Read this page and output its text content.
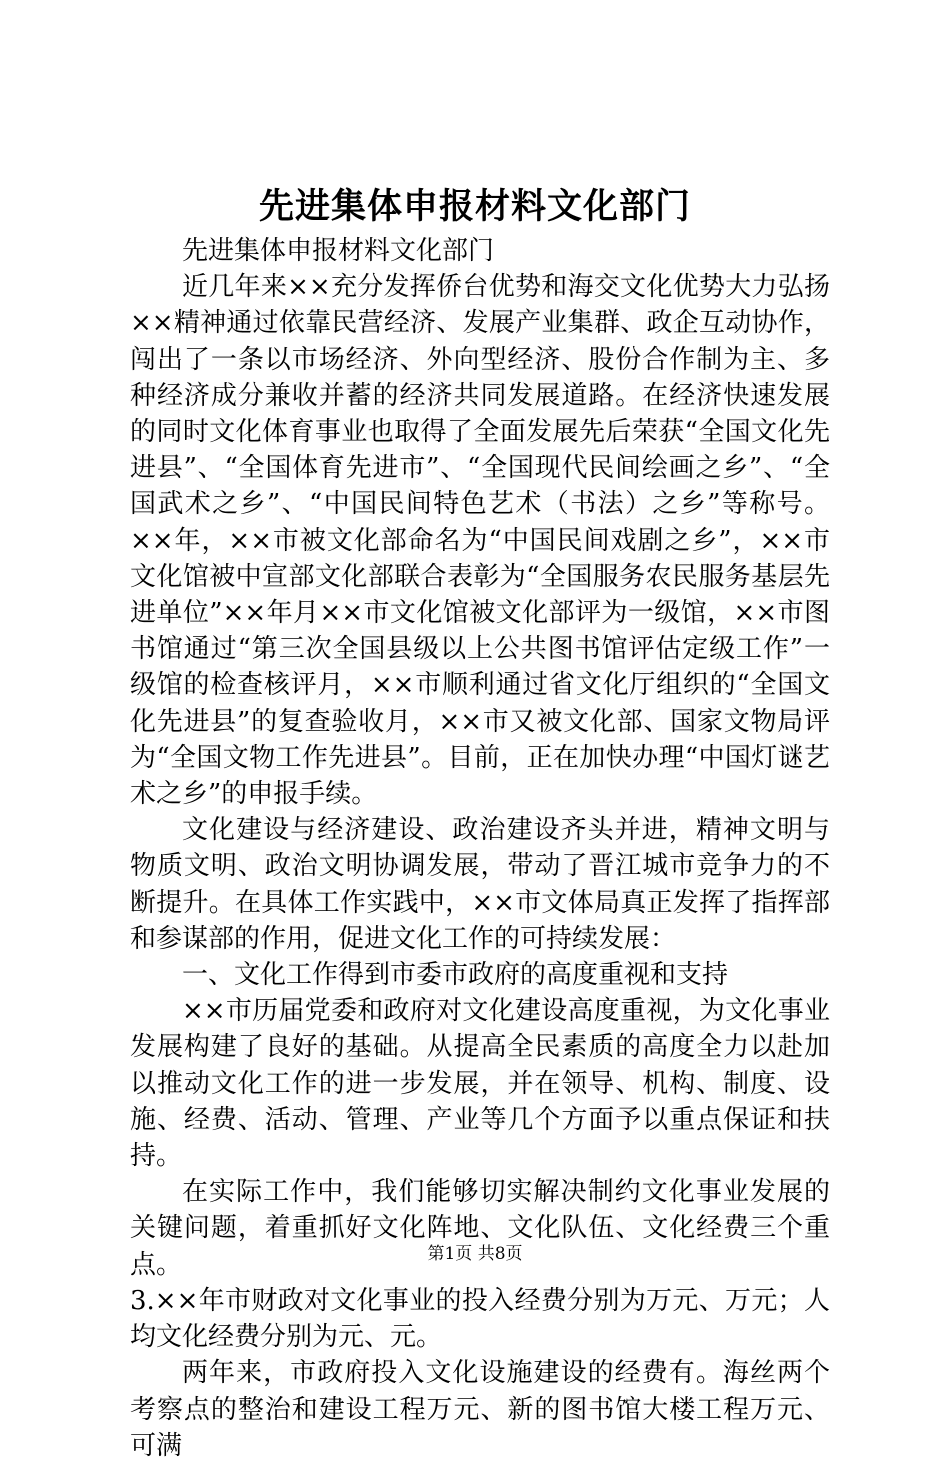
先进集体申报材料文化部门

先进集体申报材料文化部门

近几年来××充分发挥侨台优势和海交文化优势大力弘扬××精神通过依靠民营经济、发展产业集群、政企互动协作，闯出了一条以市场经济、外向型经济、股份合作制为主、多种经济成分兼收并蓄的经济共同发展道路。在经济快速发展的同时文化体育事业也取得了全面发展先后荣获“全国文化先进县”、“全国体育先进市”、“全国现代民间绘画之乡”、“全国武术之乡”、“中国民间特色艺术（书法）之乡”等称号。××年，××市被文化部命名为“中国民间戏剧之乡”，××市文化馆被中宣部文化部联合表彰为“全国服务农民服务基层先进单位”××年月××市文化馆被文化部评为一级馆，××市图书馆通过“第三次全国县级以上公共图书馆评估定级工作”一级馆的检查核评月，××市顺利通过省文化厅组织的“全国文化先进县”的复查验收月，××市又被文化部、国家文物局评为“全国文物工作先进县”。目前，正在加快办理“中国灯谜艺术之乡”的申报手续。

文化建设与经济建设、政治建设齐头并进，精神文明与物质文明、政治文明协调发展，带动了晋江城市竞争力的不断提升。在具体工作实践中，××市文体局真正发挥了指挥部和参谋部的作用，促进文化工作的可持续发展：

一、文化工作得到市委市政府的高度重视和支持

××市历届党委和政府对文化建设高度重视，为文化事业发展构建了良好的基础。从提高全民素质的高度全力以赴加以推动文化工作的进一步发展，并在领导、机构、制度、设施、经费、活动、管理、产业等几个方面予以重点保证和扶持。

在实际工作中，我们能够切实解决制约文化事业发展的关键问题，着重抓好文化阵地、文化队伍、文化经费三个重点。

3.××年市财政对文化事业的投入经费分别为万元、万元；人均文化经费分别为元、元。

两年来，市政府投入文化设施建设的经费有。海丝两个考察点的整治和建设工程万元、新的图书馆大楼工程万元、可满

第1页 共8页
